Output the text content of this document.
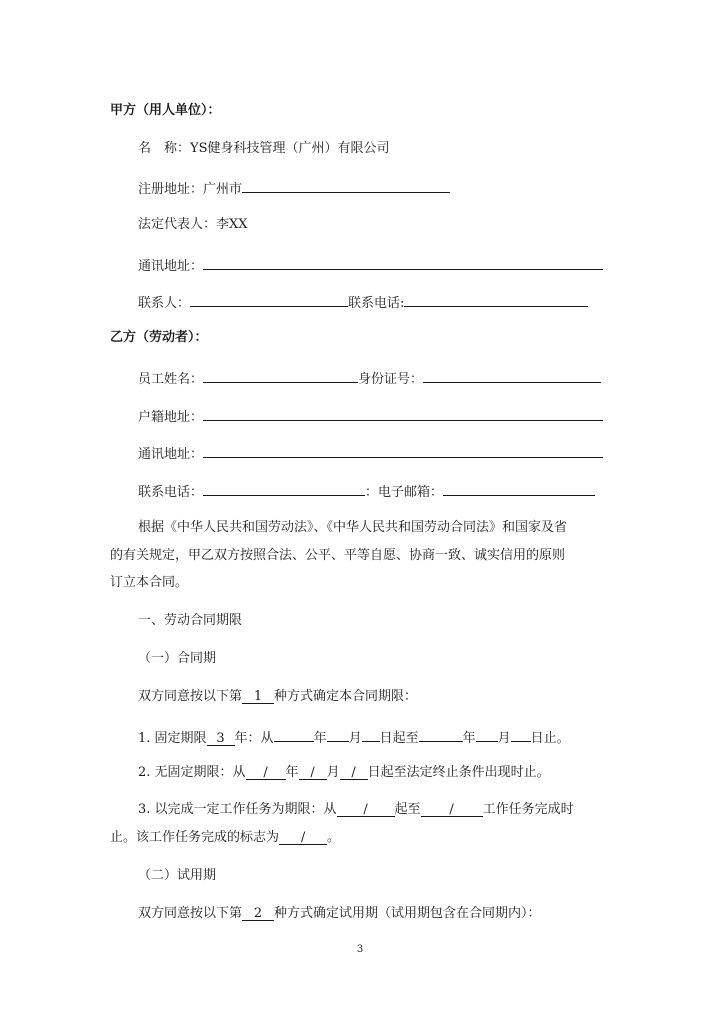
甲方（用人单位）：
名　称：YS健身科技管理（广州）有限公司
注册地址：广州市
法定代表人：李XX
通讯地址：
联系人：	联系电话:
乙方（劳动者）：
员工姓名：	身份证号：
户籍地址：
通讯地址：
联系电话：	：电子邮箱：
根据《中华人民共和国劳动法》、《中华人民共和国劳动合同法》和国家及省
的有关规定，甲乙双方按照合法、公平、平等自愿、协商一致、诚实信用的原则
订立本合同。
一、劳动合同期限
（一）合同期
双方同意按以下第 1 种方式确定本合同期限：
1. 固定期限 3 年：从	年 月 日起至	年 月 日止。
2. 无固定期限：从 / 年 / 月 / 日起至法定终止条件出现时止。
3. 以完成一定工作任务为期限：从 / 起至 / 工作任务完成时
止。该工作任务完成的标志为 / 。
（二）试用期
双方同意按以下第 2 种方式确定试用期（试用期包含在合同期内）：
3
